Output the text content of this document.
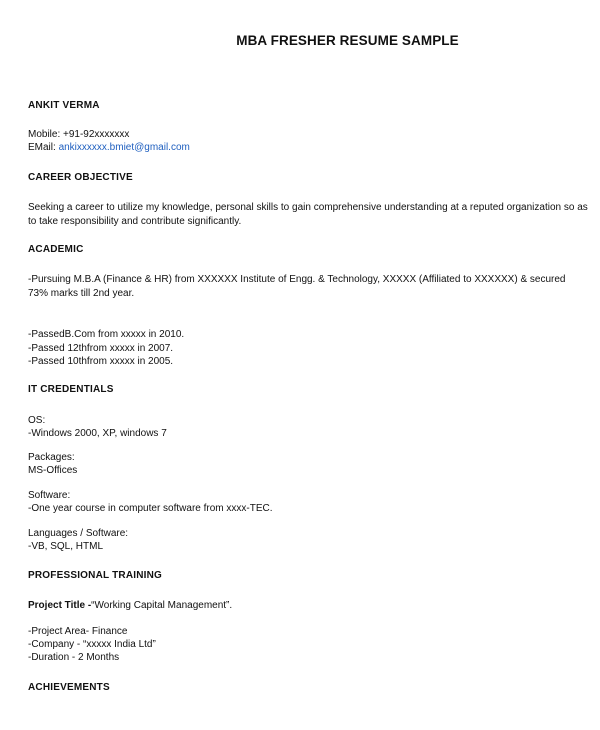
MBA FRESHER RESUME SAMPLE
ANKIT VERMA
Mobile: +91-92xxxxxxx
EMail: ankixxxxxx.bmiet@gmail.com
CAREER OBJECTIVE
Seeking a career to utilize my knowledge, personal skills to gain comprehensive understanding at a reputed organization so as to take responsibility and contribute significantly.
ACADEMIC
-Pursuing M.B.A (Finance & HR) from XXXXXX Institute of Engg. & Technology, XXXXX (Affiliated to XXXXXX) & secured 73% marks till 2nd year.
-PassedB.Com from xxxxx in 2010.
-Passed 12thfrom xxxxx in 2007.
-Passed 10thfrom xxxxx in 2005.
IT CREDENTIALS
OS:
-Windows 2000, XP, windows 7
Packages:
MS-Offices
Software:
-One year course in computer software from xxxx-TEC.
Languages / Software:
-VB, SQL, HTML
PROFESSIONAL TRAINING
Project Title -“Working Capital Management”.
-Project Area- Finance
-Company - “xxxxx India Ltd”
-Duration - 2 Months
ACHIEVEMENTS
